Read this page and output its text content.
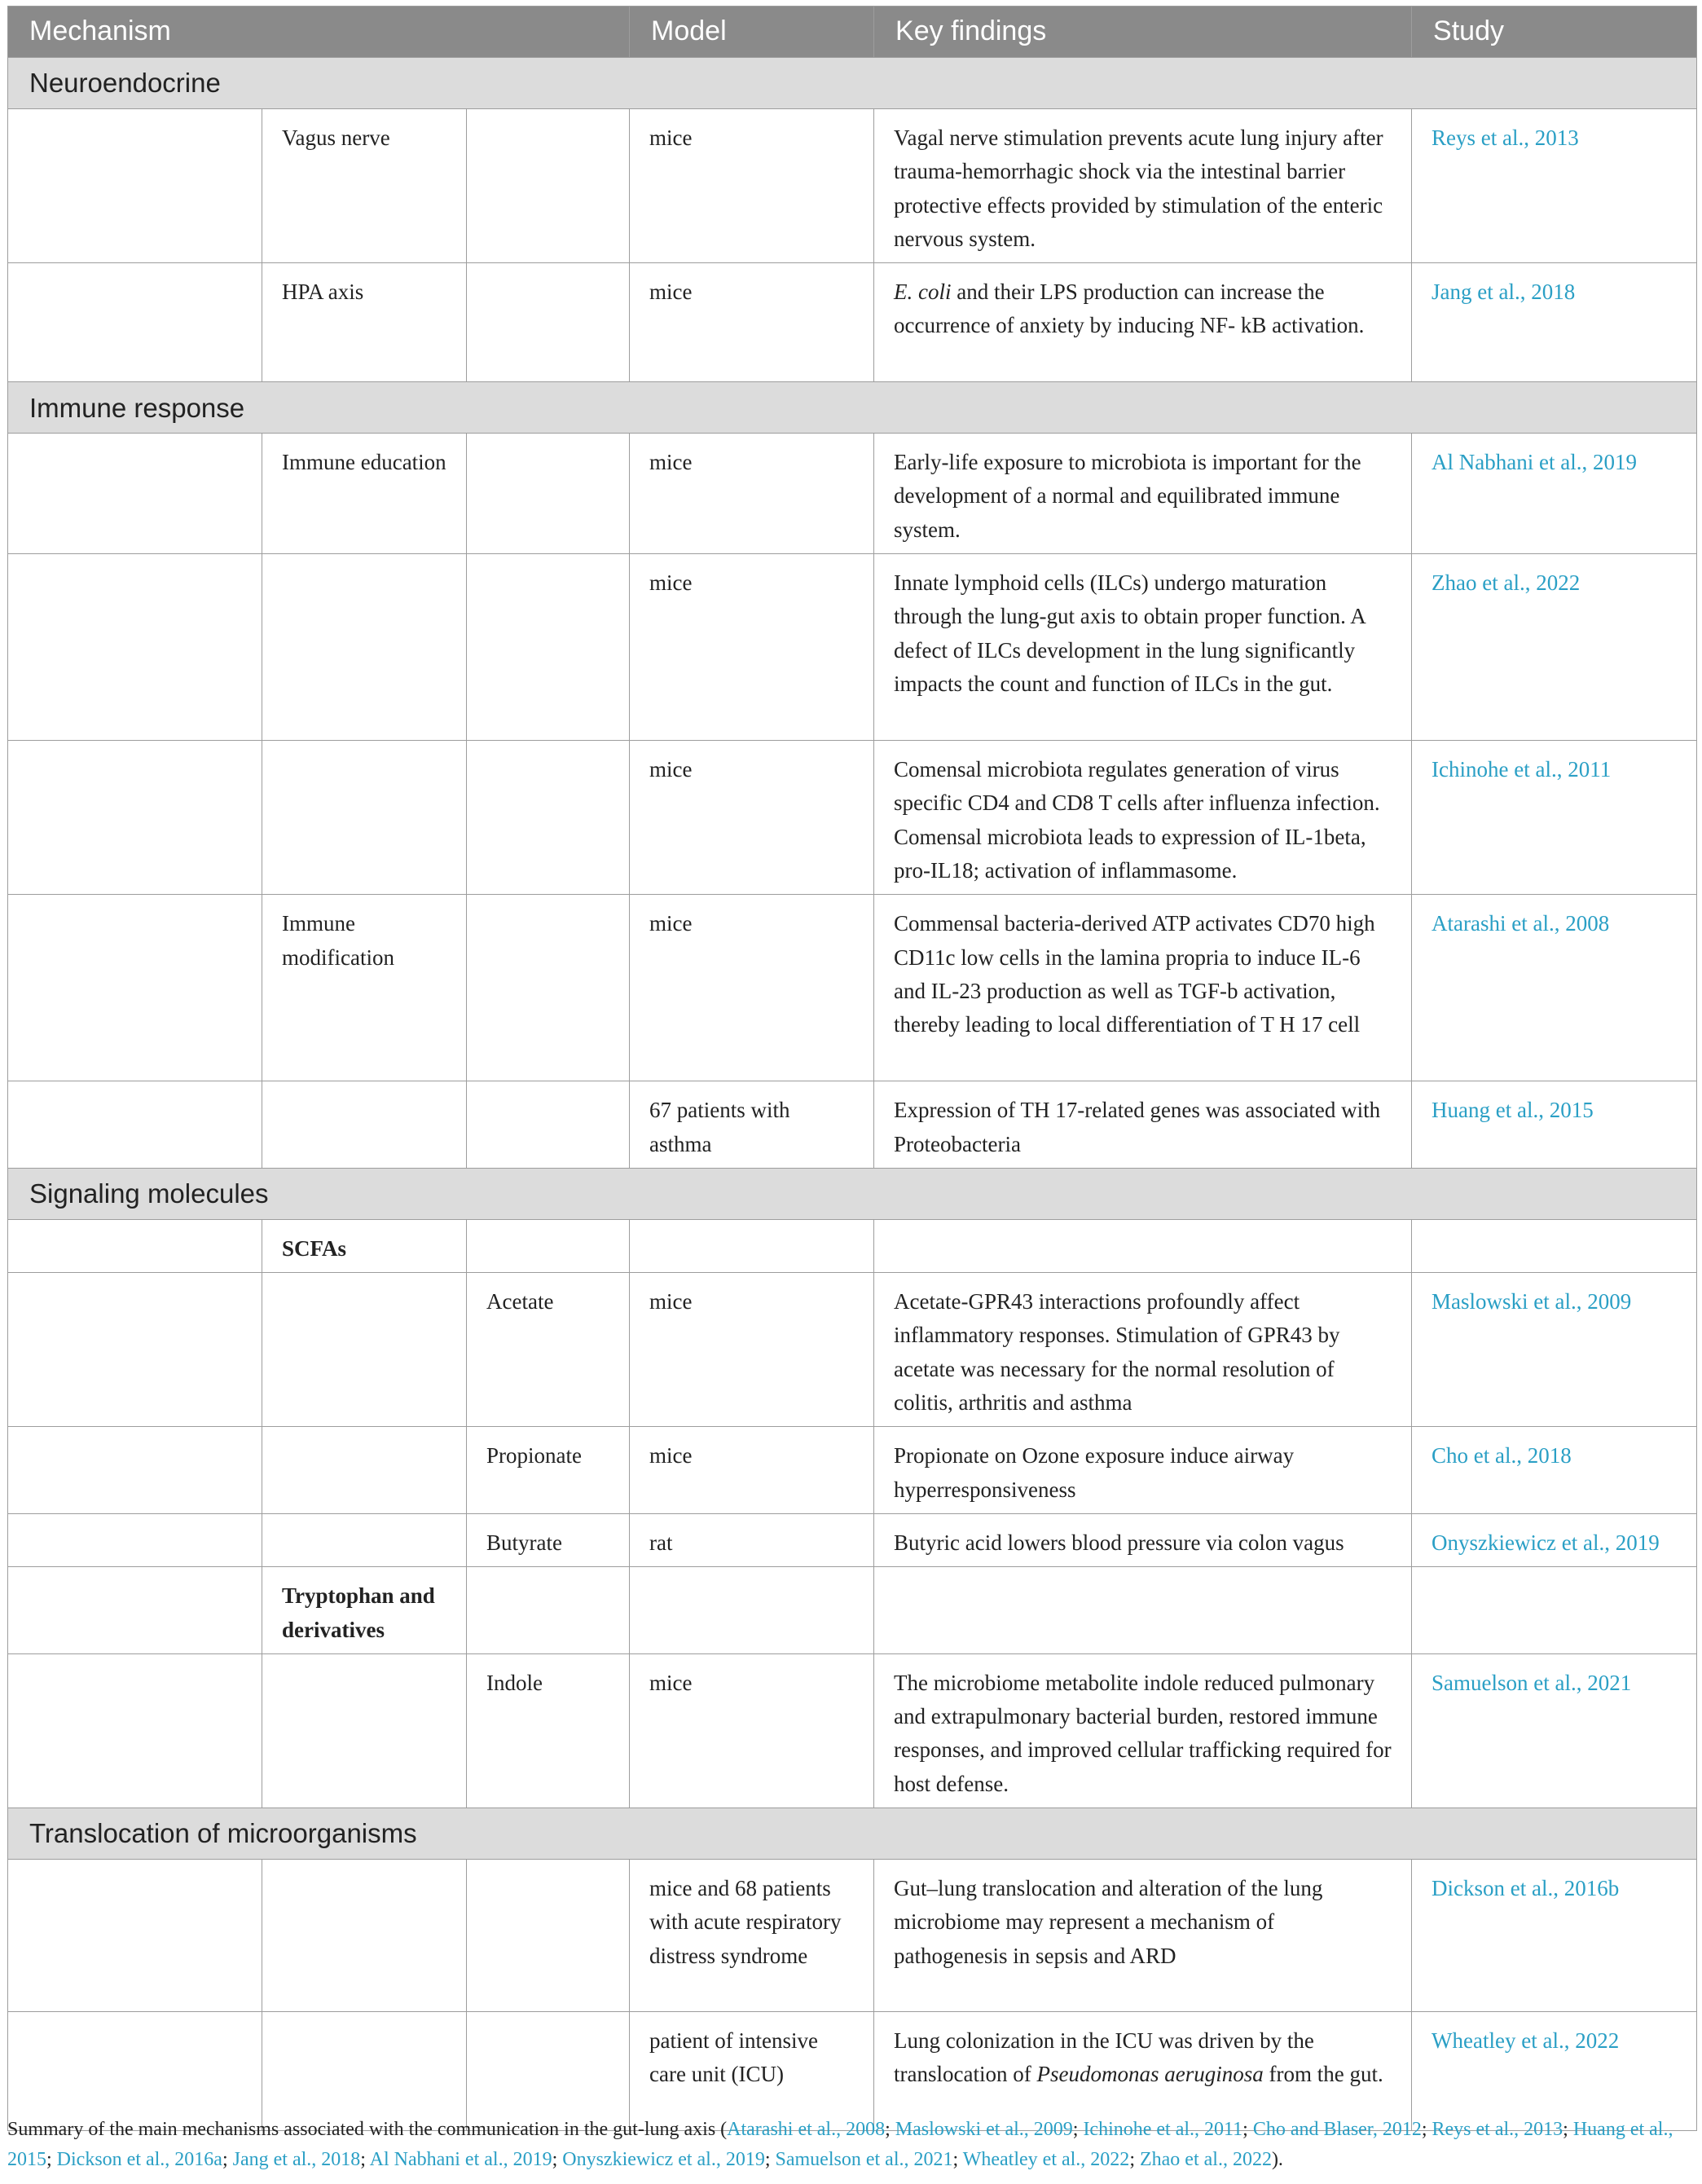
Mechanism			Model	Key findings	Study
Neuroendocrine					
	Vagus nerve		mice	Vagal nerve stimulation prevents acute lung injury after trauma-hemorrhagic shock via the intestinal barrier protective effects provided by stimulation of the enteric nervous system.	Reys et al., 2013
	HPA axis		mice	E. coli and their LPS production can increase the occurrence of anxiety by inducing NF- kB activation.	Jang et al., 2018
Immune response					
	Immune education		mice	Early-life exposure to microbiota is important for the development of a normal and equilibrated immune system.	Al Nabhani et al., 2019
			mice	Innate lymphoid cells (ILCs) undergo maturation through the lung-gut axis to obtain proper function. A defect of ILCs development in the lung significantly impacts the count and function of ILCs in the gut.	Zhao et al., 2022
			mice	Comensal microbiota regulates generation of virus specific CD4 and CD8 T cells after influenza infection. Comensal microbiota leads to expression of IL-1beta, pro-IL18; activation of inflammasome.	Ichinohe et al., 2011
	Immune modification		mice	Commensal bacteria-derived ATP activates CD70 high CD11c low cells in the lamina propria to induce IL-6 and IL-23 production as well as TGF-b activation, thereby leading to local differentiation of T H 17 cell	Atarashi et al., 2008
			67 patients with asthma	Expression of TH 17-related genes was associated with Proteobacteria	Huang et al., 2015
Signaling molecules					
	SCFAs				
		Acetate	mice	Acetate-GPR43 interactions profoundly affect inflammatory responses. Stimulation of GPR43 by acetate was necessary for the normal resolution of colitis, arthritis and asthma	Maslowski et al., 2009
		Propionate	mice	Propionate on Ozone exposure induce airway hyperresponsiveness	Cho et al., 2018
		Butyrate	rat	Butyric acid lowers blood pressure via colon vagus	Onyszkiewicz et al., 2019
	Tryptophan and derivatives				
		Indole	mice	The microbiome metabolite indole reduced pulmonary and extrapulmonary bacterial burden, restored immune responses, and improved cellular trafficking required for host defense.	Samuelson et al., 2021
Translocation of microorganisms					
			mice and 68 patients with acute respiratory distress syndrome	Gut–lung translocation and alteration of the lung microbiome may represent a mechanism of pathogenesis in sepsis and ARD	Dickson et al., 2016b
			patient of intensive care unit (ICU)	Lung colonization in the ICU was driven by the translocation of Pseudomonas aeruginosa from the gut.	Wheatley et al., 2022
Summary of the main mechanisms associated with the communication in the gut-lung axis (Atarashi et al., 2008; Maslowski et al., 2009; Ichinohe et al., 2011; Cho and Blaser, 2012; Reys et al., 2013; Huang et al., 2015; Dickson et al., 2016a; Jang et al., 2018; Al Nabhani et al., 2019; Onyszkiewicz et al., 2019; Samuelson et al., 2021; Wheatley et al., 2022; Zhao et al., 2022).
